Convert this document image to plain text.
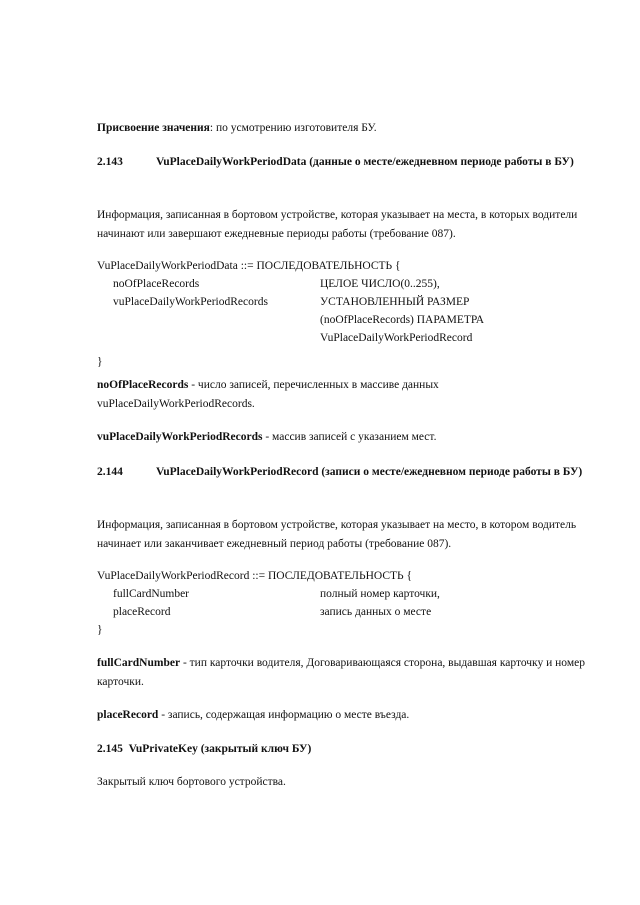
Присвоение значения: по усмотрению изготовителя БУ.
2.143	VuPlaceDailyWorkPeriodData (данные о месте/ежедневном периоде работы в БУ)
Информация, записанная в бортовом устройстве, которая указывает на места, в которых водители начинают или завершают ежедневные периоды работы (требование 087).
VuPlaceDailyWorkPeriodData ::= ПОСЛЕДОВАТЕЛЬНОСТЬ {
noOfPlaceRecords	ЦЕЛОЕ ЧИСЛО(0..255),
vuPlaceDailyWorkPeriodRecords	УСТАНОВЛЕННЫЙ РАЗМЕР
(noOfPlaceRecords) ПАРАМЕТРА
VuPlaceDailyWorkPeriodRecord
}
noOfPlaceRecords - число записей, перечисленных в массиве данных vuPlaceDailyWorkPeriodRecords.
vuPlaceDailyWorkPeriodRecords - массив записей с указанием мест.
2.144	VuPlaceDailyWorkPeriodRecord (записи о месте/ежедневном периоде работы в БУ)
Информация, записанная в бортовом устройстве, которая указывает на место, в котором водитель начинает или заканчивает ежедневный период работы (требование 087).
VuPlaceDailyWorkPeriodRecord ::= ПОСЛЕДОВАТЕЛЬНОСТЬ {
fullCardNumber	полный номер карточки,
placeRecord	запись данных о месте
}
fullCardNumber - тип карточки водителя, Договаривающаяся сторона, выдавшая карточку и номер карточки.
placeRecord - запись, содержащая информацию о месте въезда.
2.145 VuPrivateKey (закрытый ключ БУ)
Закрытый ключ бортового устройства.
